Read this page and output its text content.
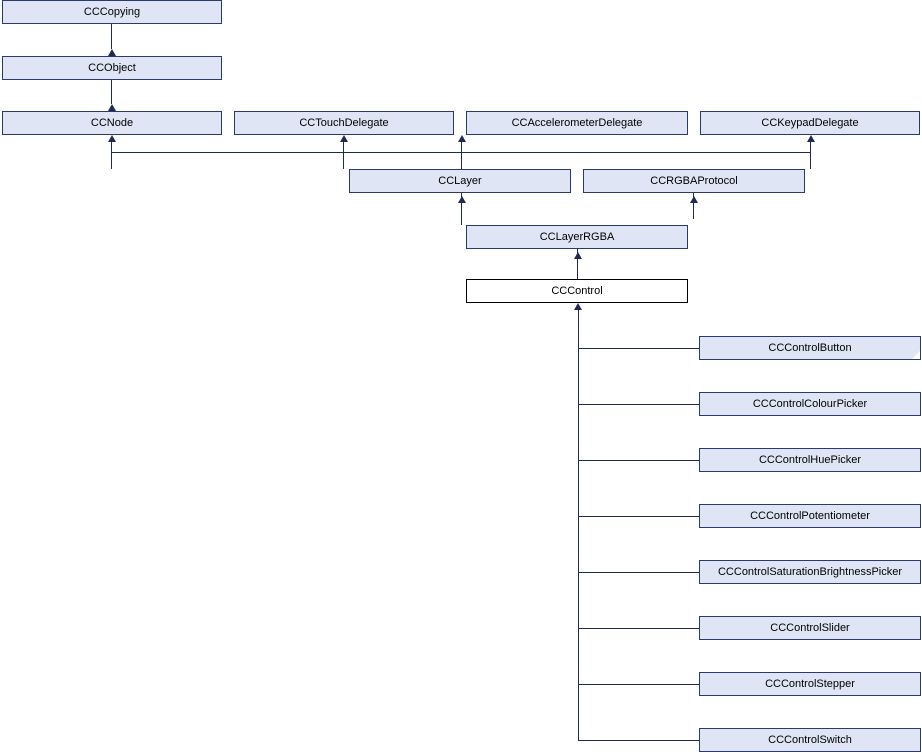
CCCopying
CCObject
CCNode	CCTouchDelegate	CCAccelerometerDelegate	CCKeypadDelegate
CCLayer	CCRGBAProtocol
CCLayerRGBA
CCControl
CCControlButton
CCControlColourPicker
CCControlHuePicker
CCControlPotentiometer
CCControlSaturationBrightnessPicker
CCControlSlider
CCControlStepper
CCControlSwitch
